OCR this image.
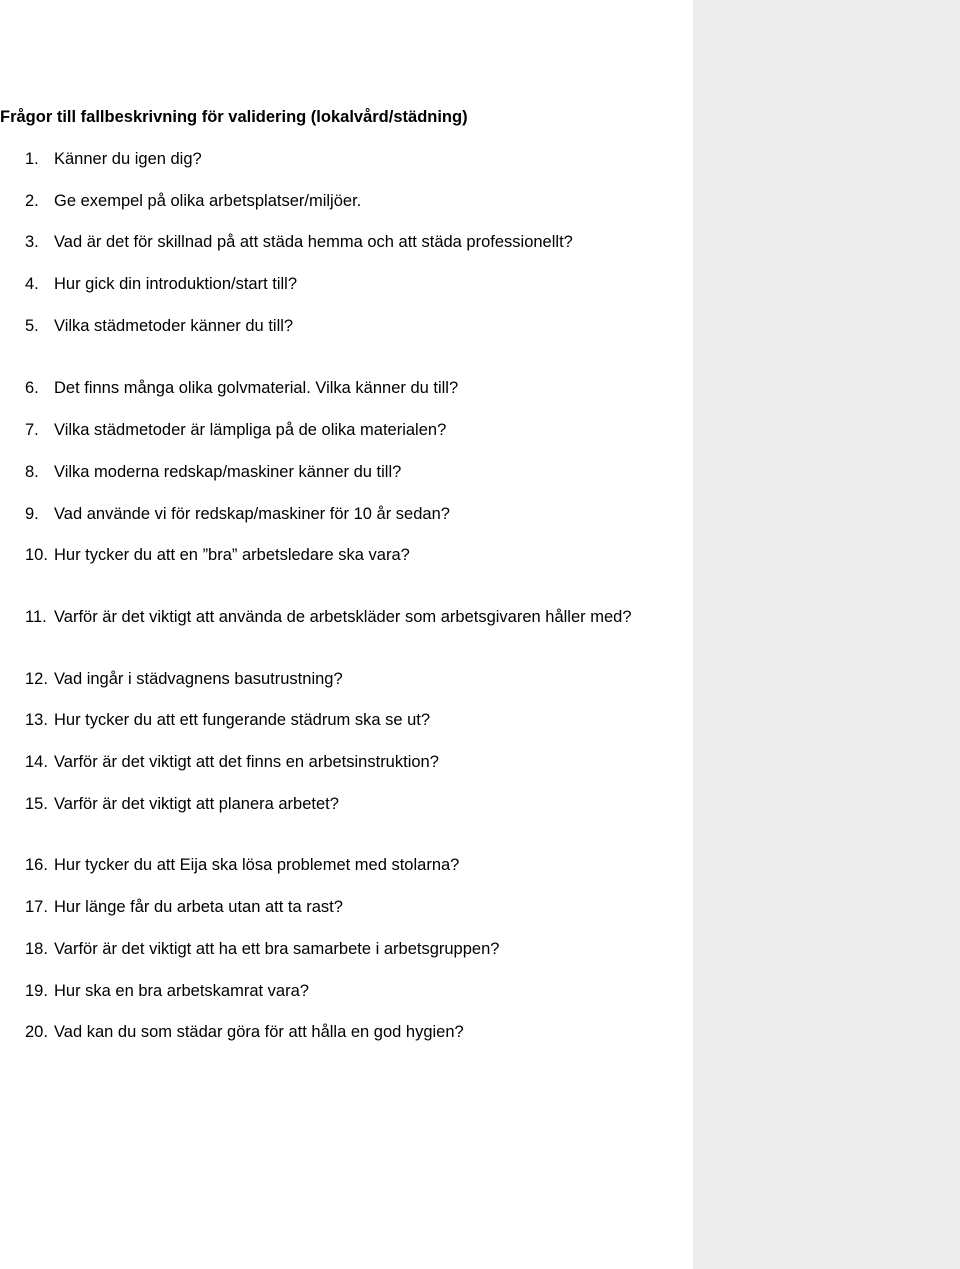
Frågor till fallbeskrivning för validering (lokalvård/städning)
1. Känner du igen dig?
2. Ge exempel på olika arbetsplatser/miljöer.
3. Vad är det för skillnad på att städa hemma och att städa professionellt?
4. Hur gick din introduktion/start till?
5. Vilka städmetoder känner du till?
6. Det finns många olika golvmaterial. Vilka känner du till?
7. Vilka städmetoder är lämpliga på de olika materialen?
8. Vilka moderna redskap/maskiner känner du till?
9. Vad använde vi för redskap/maskiner för 10 år sedan?
10. Hur tycker du att en ”bra” arbetsledare ska vara?
11. Varför är det viktigt att använda de arbetskläder som arbetsgivaren håller med?
12. Vad ingår i städvagnens basutrustning?
13. Hur tycker du att ett fungerande städrum ska se ut?
14. Varför är det viktigt att det finns en arbetsinstruktion?
15. Varför är det viktigt att planera arbetet?
16. Hur tycker du att Eija ska lösa problemet med stolarna?
17. Hur länge får du arbeta utan att ta rast?
18. Varför är det viktigt att ha ett bra samarbete i arbetsgruppen?
19. Hur ska en bra arbetskamrat vara?
20. Vad kan du som städar göra för att hålla en god hygien?
